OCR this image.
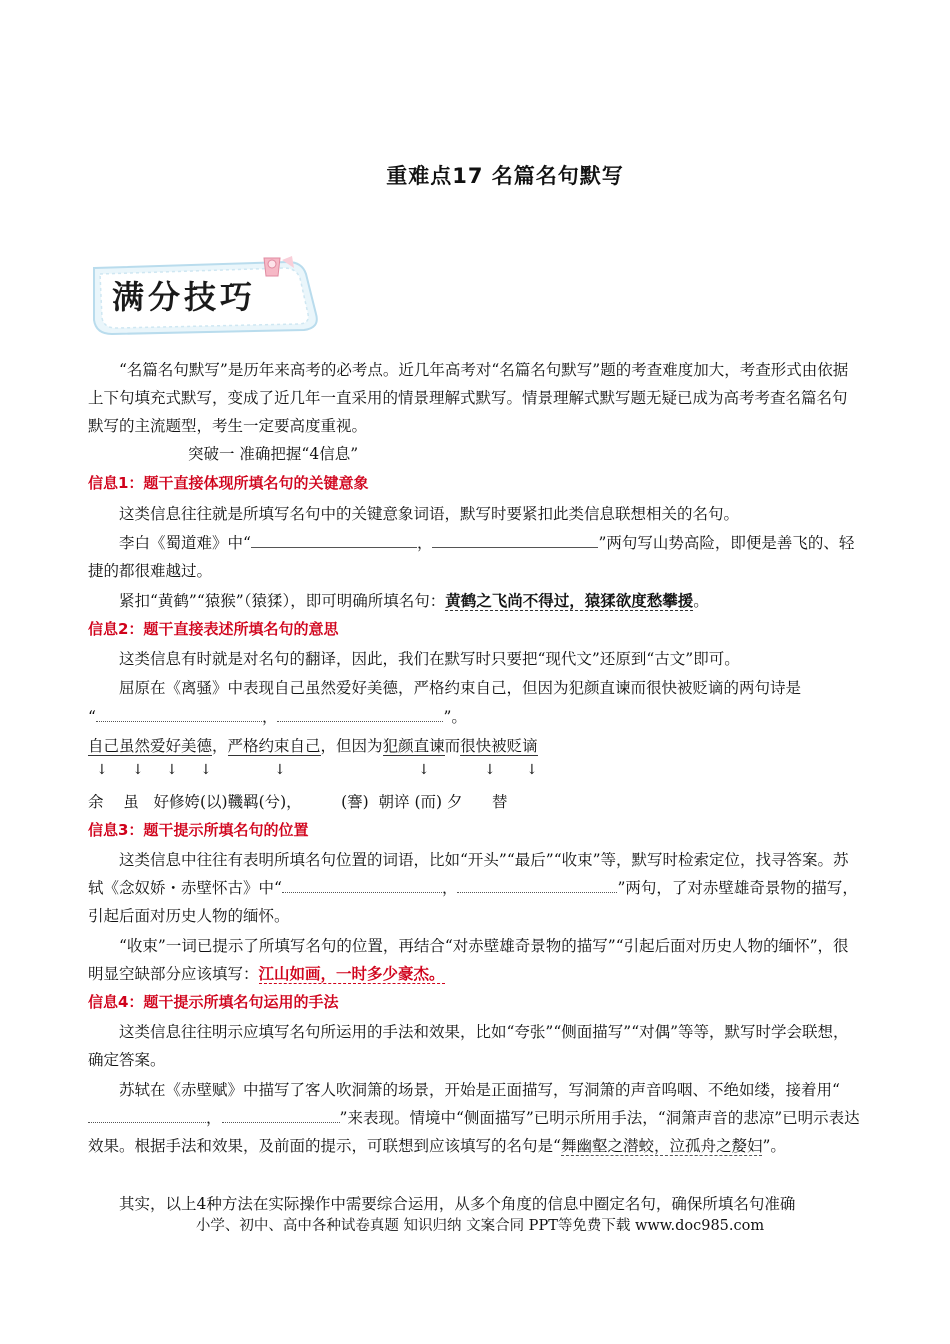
重难点17 名篇名句默写
满分技巧
“名篇名句默写”是历年来高考的必考点。近几年高考对“名篇名句默写”题的考查难度加大，考查形式由依据上下句填充式默写，变成了近几年一直采用的情景理解式默写。情景理解式默写题无疑已成为高考考查名篇名句默写的主流题型，考生一定要高度重视。
突破一 准确把握“4信息”
信息1：题干直接体现所填名句的关键意象
这类信息往往就是所填写名句中的关键意象词语，默写时要紧扣此类信息联想相关的名句。
李白《蜀道难》中“	，	”两句写山势高险，即便是善飞的、轻捷的都很难越过。
紧扣“黄鹤”“猿猴”（猿猱），即可明确所填名句：黄鹤之飞尚不得过，猿猱欲度愁攀援。
信息2：题干直接表述所填名句的意思
这类信息有时就是对名句的翻译，因此，我们在默写时只要把“现代文”还原到“古文”即可。
屈原在《离骚》中表现自己虽然爱好美德，严格约束自己，但因为犯颜直谏而很快被贬谪的两句诗是
“	，	”。
自己虽然爱好美德，严格约束自己，但因为犯颜直谏而很快被贬谪
↓ ↓ ↓ ↓	↓	↓	↓ ↓
余    虽   好修姱(以)鞿羁(兮)，        (謇)  朝谇 (而) 夕      替
信息3：题干提示所填名句的位置
这类信息中往往有表明所填名句位置的词语，比如“开头”“最后”“收束”等，默写时检索定位，找寻答案。苏轼《念奴娇・赤壁怀古》中“	，	”两句，了对赤壁雄奇景物的描写，引起后面对历史人物的缅怀。
“收束”一词已提示了所填写名句的位置，再结合“对赤壁雄奇景物的描写”“引起后面对历史人物的缅怀”，很明显空缺部分应该填写：江山如画，一时多少豪杰。
信息4：题干提示所填名句运用的手法
这类信息往往明示应填写名句所运用的手法和效果，比如“夸张”“侧面描写”“对偶”等等，默写时学会联想，确定答案。
苏轼在《赤壁赋》中描写了客人吹洞箫的场景，开始是正面描写，写洞箫的声音呜咽、不绝如缕，接着用“，	”来表现。情境中“侧面描写”已明示所用手法，“洞箫声音的悲凉”已明示表达效果。根据手法和效果，及前面的提示，可联想到应该填写的名句是“舞幽壑之潜蛟，泣孤舟之嫠妇”。
其实，以上4种方法在实际操作中需要综合运用，从多个角度的信息中圈定名句，确保所填名句准确
小学、初中、高中各种试卷真题 知识归纳 文案合同 PPT等免费下载 www.doc985.com
